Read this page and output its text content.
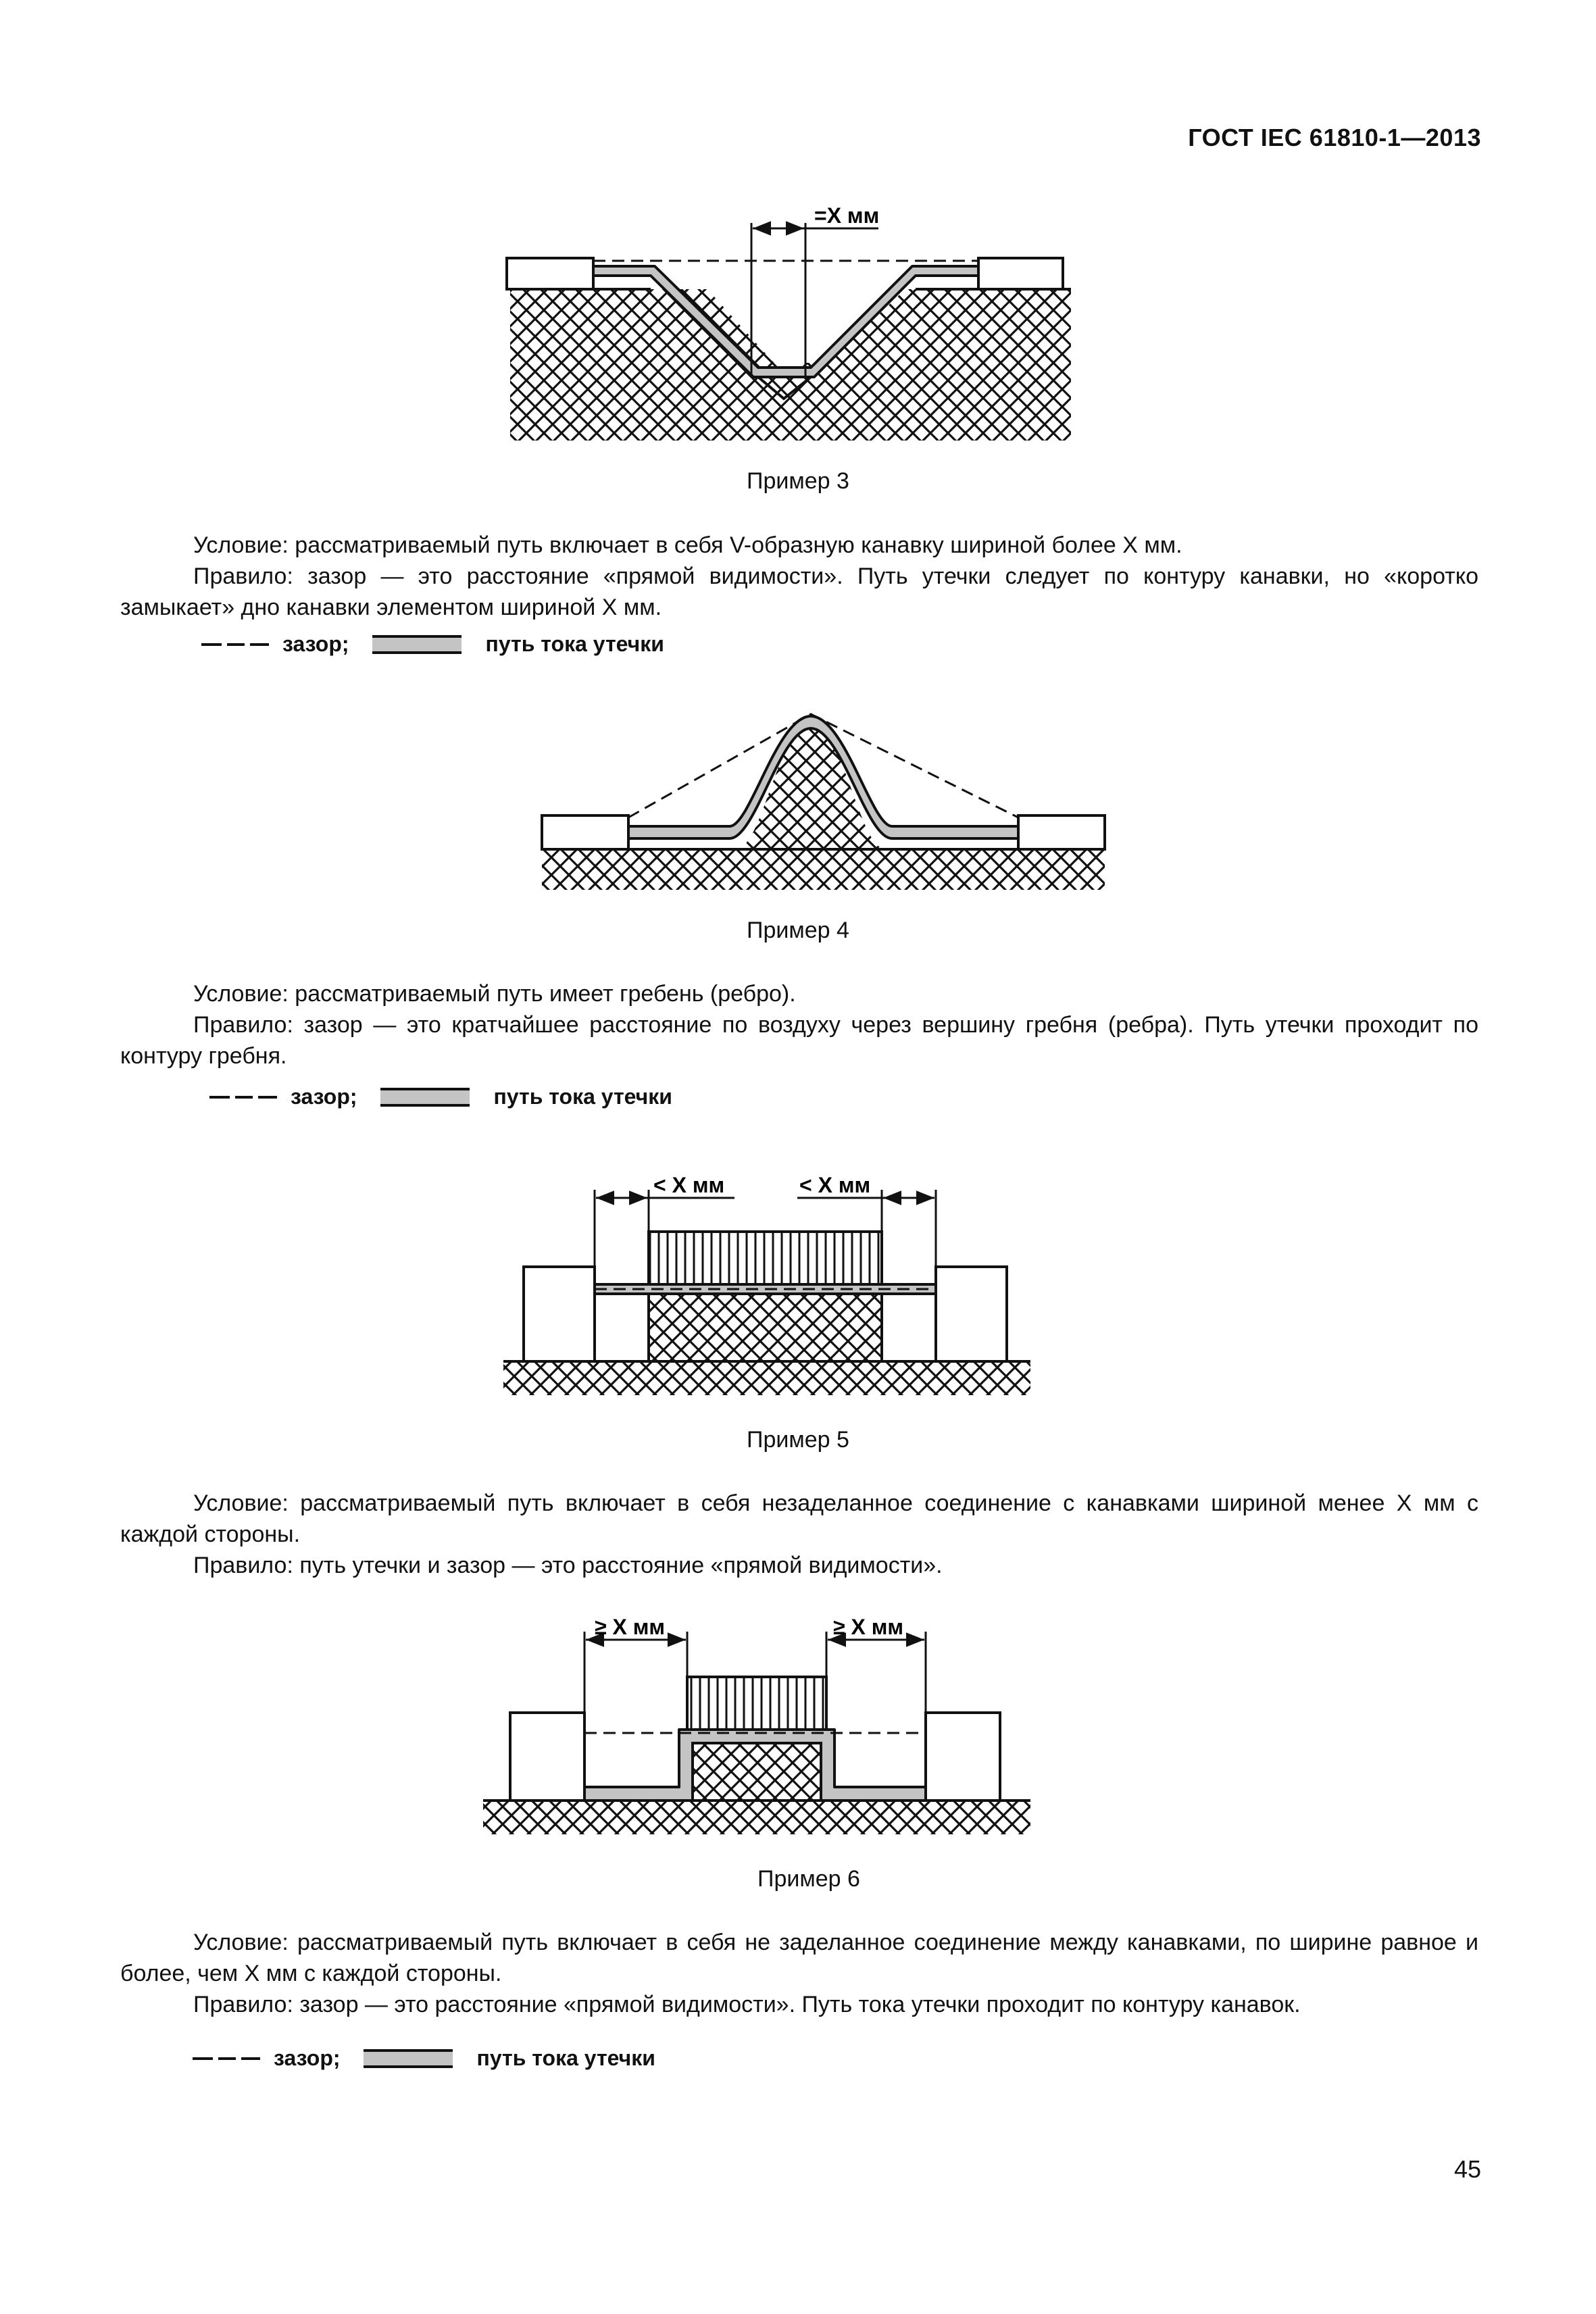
ГОСТ IEC 61810-1—2013
=X мм
Пример 3

Условие: рассматриваемый путь включает в себя V-образную канавку шириной более X мм.

Правило: зазор — это расстояние «прямой видимости». Путь утечки следует по контуру канавки, но «коротко замыкает» дно канавки элементом шириной X мм.

зазор;	путь тока утечки
Пример 4

Условие: рассматриваемый путь имеет гребень (ребро).

Правило: зазор — это кратчайшее расстояние по воздуху через вершину гребня (ребра). Путь утечки проходит по контуру гребня.

зазор;	путь тока утечки
< X мм	< X мм
Пример 5

Условие: рассматриваемый путь включает в себя незаделанное соединение с канавками шириной менее X мм с каждой стороны.

Правило: путь утечки и зазор — это расстояние «прямой видимости».

≥ X мм	≥ X мм
Пример 6

Условие: рассматриваемый путь включает в себя не заделанное соединение между канавками, по ширине равное и более, чем X мм с каждой стороны.

Правило: зазор — это расстояние «прямой видимости». Путь тока утечки проходит по контуру канавок.

зазор;	путь тока утечки
45
